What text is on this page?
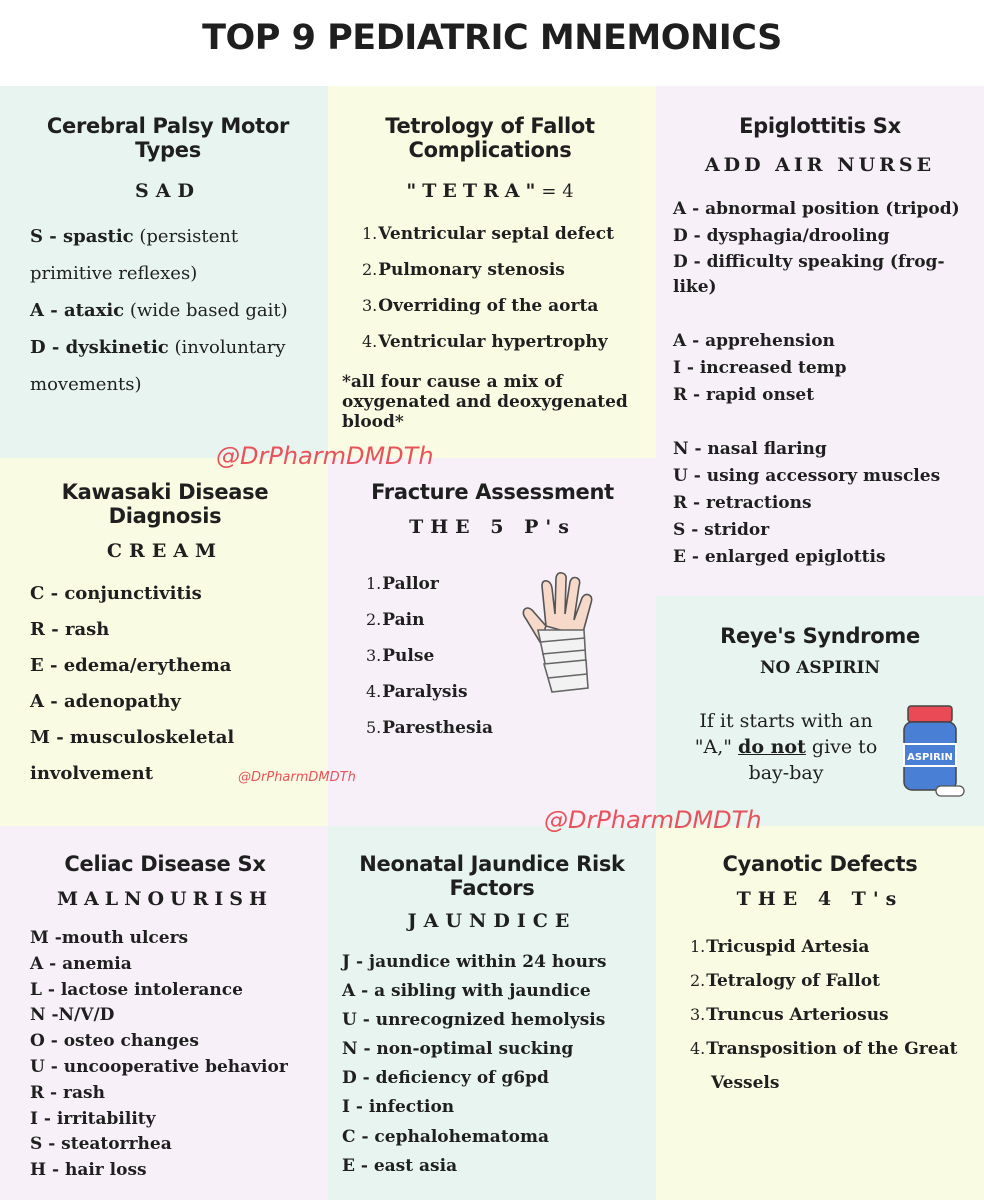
TOP 9 PEDIATRIC MNEMONICS
Cerebral Palsy Motor Types
SAD
S - spastic (persistent primitive reflexes)
A - ataxic (wide based gait)
D - dyskinetic (involuntary movements)
Tetrology of Fallot Complications
"TETRA"= 4
1.Ventricular septal defect
2.Pulmonary stenosis
3.Overriding of the aorta
4.Ventricular hypertrophy
*all four cause a mix of oxygenated and deoxygenated blood*
@DrPharmDMDTh
@DrPharmDMDTh
@DrPharmDMDTh
Epiglottitis Sx
ADD AIR NURSE
A - abnormal position (tripod)
D - dysphagia/drooling
D - difficulty speaking (frog-like)
A - apprehension
I - increased temp
R - rapid onset
N - nasal flaring
U - using accessory muscles
R - retractions
S - stridor
E - enlarged epiglottis
Kawasaki Disease Diagnosis
CREAM
C - conjunctivitis
R - rash
E - edema/erythema
A - adenopathy
M - musculoskeletal involvement
Fracture Assessment
THE 5 P's
1.Pallor
2.Pain
3.Pulse
4.Paralysis
5.Paresthesia
Reye's Syndrome
NO ASPIRIN
If it starts with an "A," do not give to bay-bay
ASPIRIN
Celiac Disease Sx
MALNOURISH
M -mouth ulcers
A - anemia
L - lactose intolerance
N -N/V/D
O - osteo changes
U - uncooperative behavior
R - rash
I - irritability
S - steatorrhea
H - hair loss
Neonatal Jaundice Risk Factors
JAUNDICE
J - jaundice within 24 hours
A - a sibling with jaundice
U - unrecognized hemolysis
N - non-optimal sucking
D - deficiency of g6pd
I - infection
C - cephalohematoma
E - east asia
Cyanotic Defects
THE 4 T's
1.Tricuspid Artesia
2.Tetralogy of Fallot
3.Truncus Arteriosus
4.Transposition of the Great Vessels
